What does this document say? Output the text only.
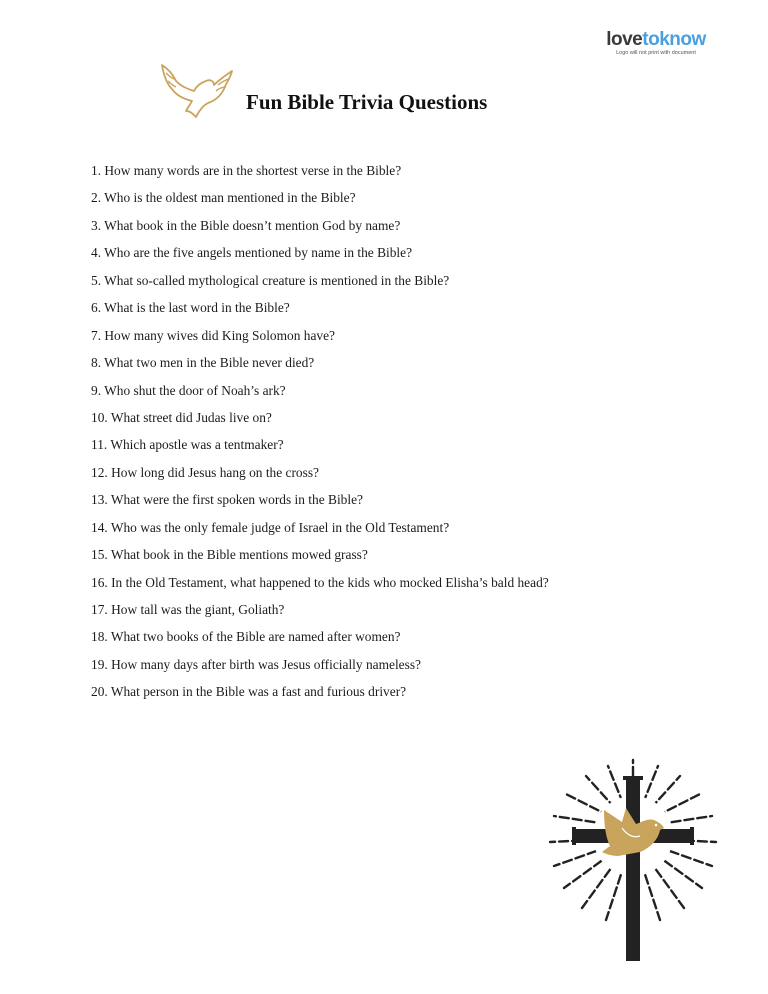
lovetoknow
Logo will not print with document
Fun Bible Trivia Questions
1. How many words are in the shortest verse in the Bible?
2. Who is the oldest man mentioned in the Bible?
3. What book in the Bible doesn’t mention God by name?
4. Who are the five angels mentioned by name in the Bible?
5. What so-called mythological creature is mentioned in the Bible?
6. What is the last word in the Bible?
7. How many wives did King Solomon have?
8. What two men in the Bible never died?
9. Who shut the door of Noah’s ark?
10. What street did Judas live on?
11. Which apostle was a tentmaker?
12. How long did Jesus hang on the cross?
13. What were the first spoken words in the Bible?
14. Who was the only female judge of Israel in the Old Testament?
15. What book in the Bible mentions mowed grass?
16. In the Old Testament, what happened to the kids who mocked Elisha’s bald head?
17. How tall was the giant, Goliath?
18. What two books of the Bible are named after women?
19. How many days after birth was Jesus officially nameless?
20. What person in the Bible was a fast and furious driver?
